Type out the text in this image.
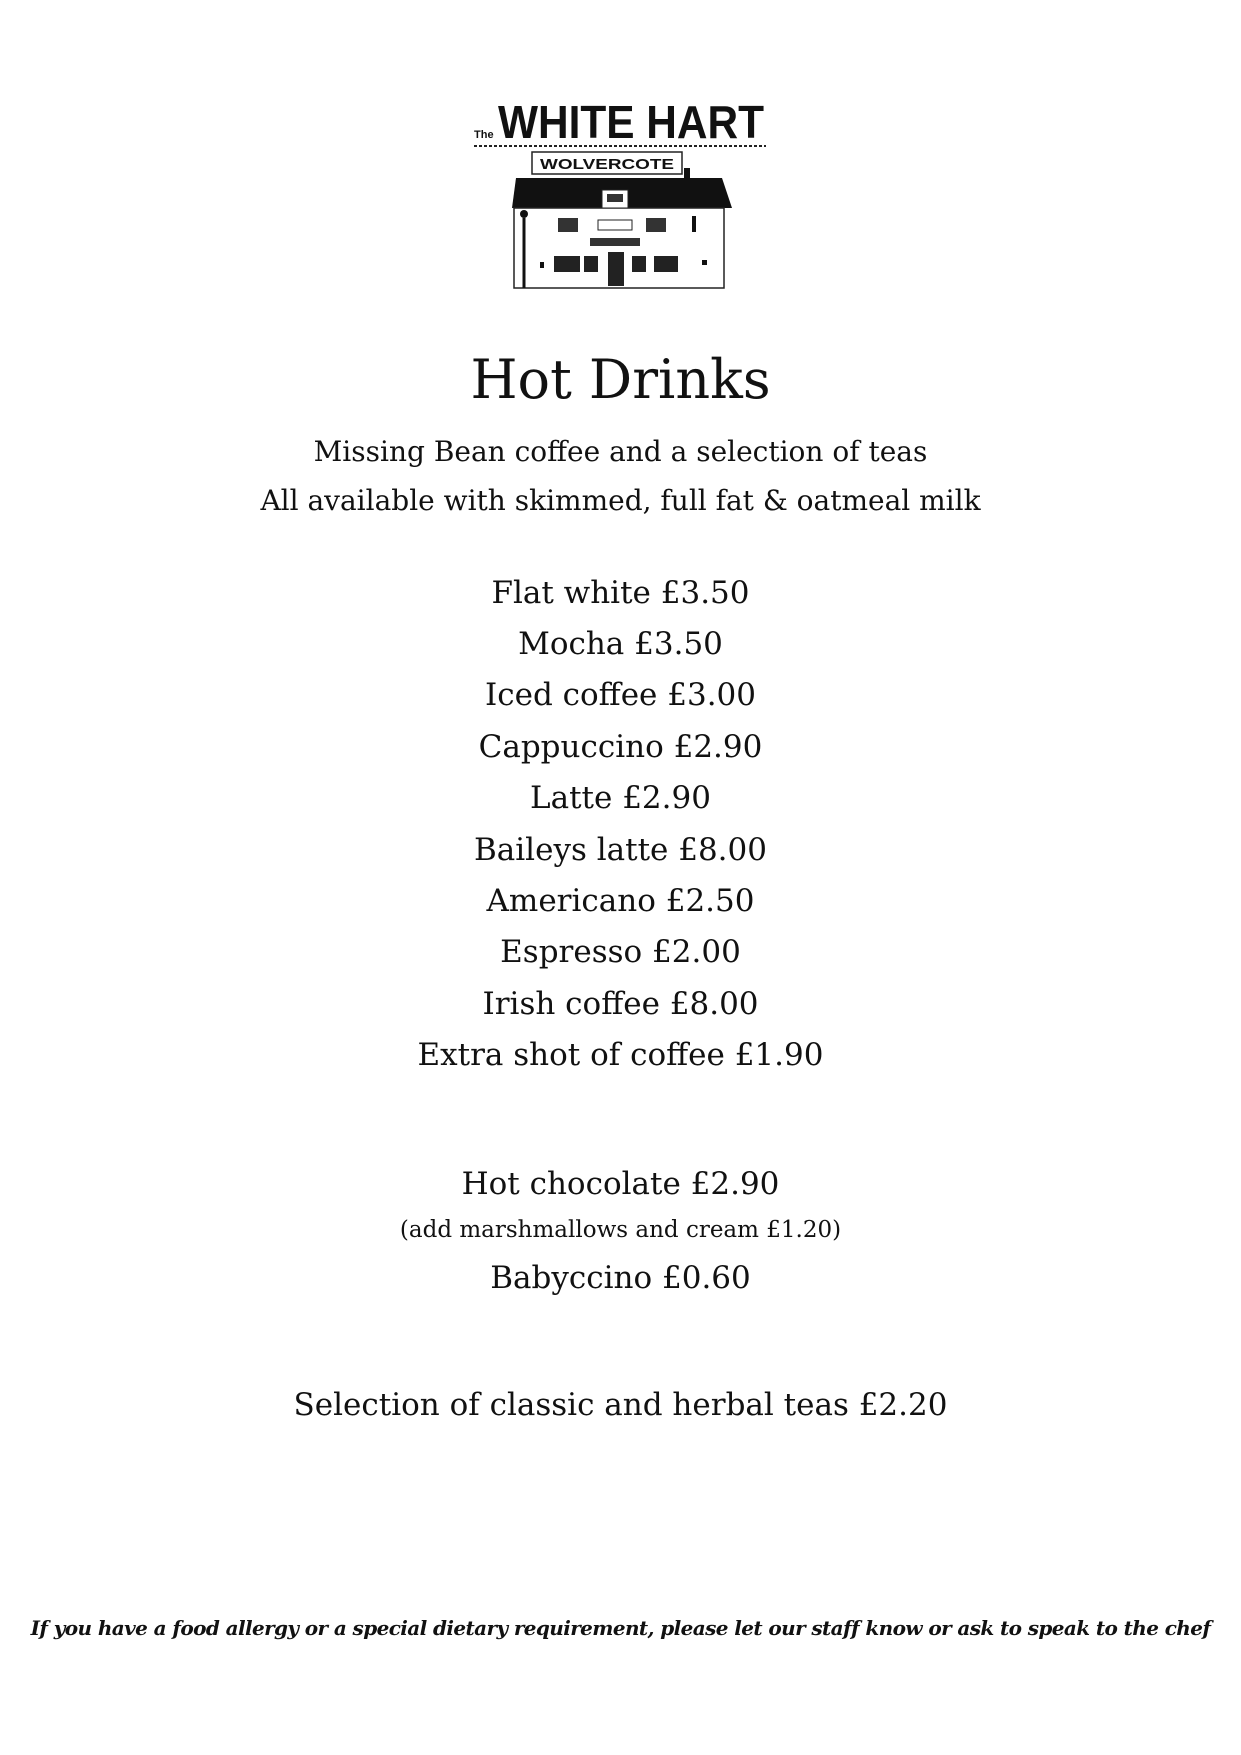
The WHITE HART
WOLVERCOTE
Hot Drinks
Missing Bean coffee and a selection of teas
All available with skimmed, full fat & oatmeal milk
Flat white £3.50
Mocha £3.50
Iced coffee £3.00
Cappuccino £2.90
Latte £2.90
Baileys latte £8.00
Americano £2.50
Espresso £2.00
Irish coffee £8.00
Extra shot of coffee £1.90
Hot chocolate £2.90
(add marshmallows and cream £1.20)
Babyccino £0.60
Selection of classic and herbal teas £2.20
If you have a food allergy or a special dietary requirement, please let our staff know or ask to speak to the chef
